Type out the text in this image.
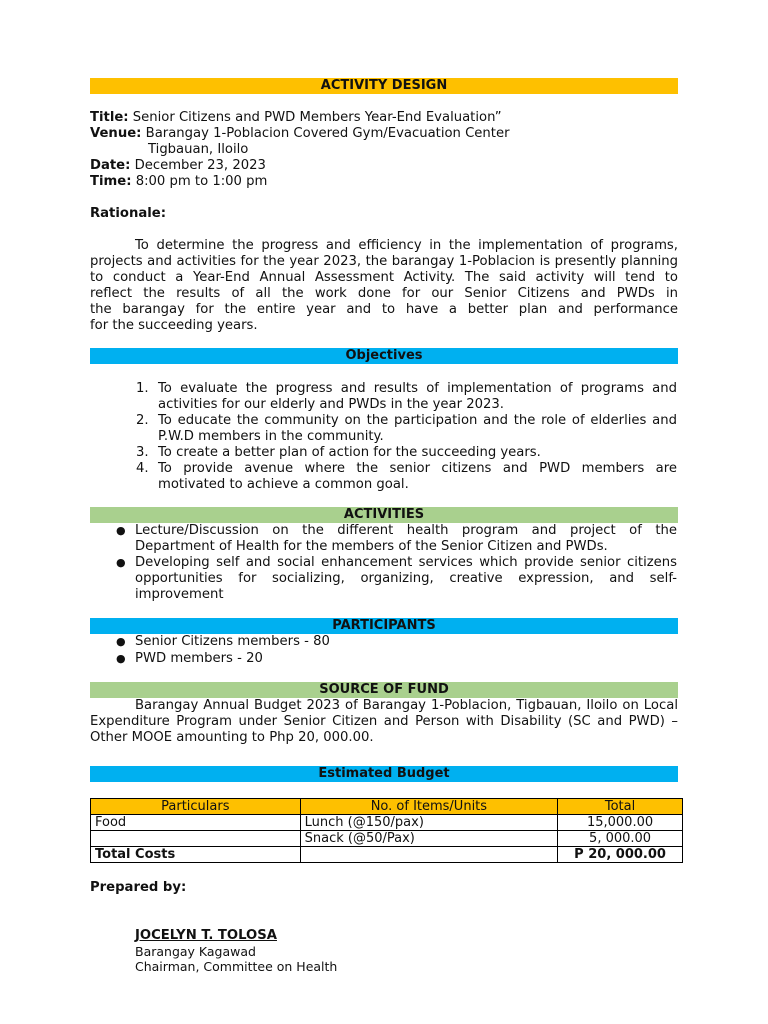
ACTIVITY DESIGN
Title: Senior Citizens and PWD Members Year-End Evaluation”
Venue: Barangay 1-Poblacion Covered Gym/Evacuation Center
Tigbauan, Iloilo
Date: December 23, 2023
Time: 8:00 pm to 1:00 pm
Rationale:
To determine the progress and efficiency in the implementation of programs,
projects and activities for the year 2023, the barangay 1-Poblacion is presently planning
to conduct a Year-End Annual Assessment Activity. The said activity will tend to
reflect the results of all the work done for our Senior Citizens and PWDs in
the barangay for the entire year and to have a better plan and performance
for the succeeding years.
Objectives
1. To evaluate the progress and results of implementation of programs and
activities for our elderly and PWDs in the year 2023.
2. To educate the community on the participation and the role of elderlies and
P.W.D members in the community.
3. To create a better plan of action for the succeeding years.
4. To provide avenue where the senior citizens and PWD members are
motivated to achieve a common goal.
ACTIVITIES
● Lecture/Discussion on the different health program and project of the
Department of Health for the members of the Senior Citizen and PWDs.
● Developing self and social enhancement services which provide senior citizens
opportunities for socializing, organizing, creative expression, and self-
improvement
PARTICIPANTS
● Senior Citizens members - 80
● PWD members - 20
SOURCE OF FUND
Barangay Annual Budget 2023 of Barangay 1-Poblacion, Tigbauan, Iloilo on Local
Expenditure Program under Senior Citizen and Person with Disability (SC and PWD) –
Other MOOE amounting to Php 20, 000.00.
Estimated Budget
Particulars	No. of Items/Units	Total
Food	Lunch (@150/pax)	15,000.00
	Snack (@50/Pax)	5, 000.00
Total Costs		P 20, 000.00
Prepared by:
JOCELYN T. TOLOSA
Barangay Kagawad
Chairman, Committee on Health
